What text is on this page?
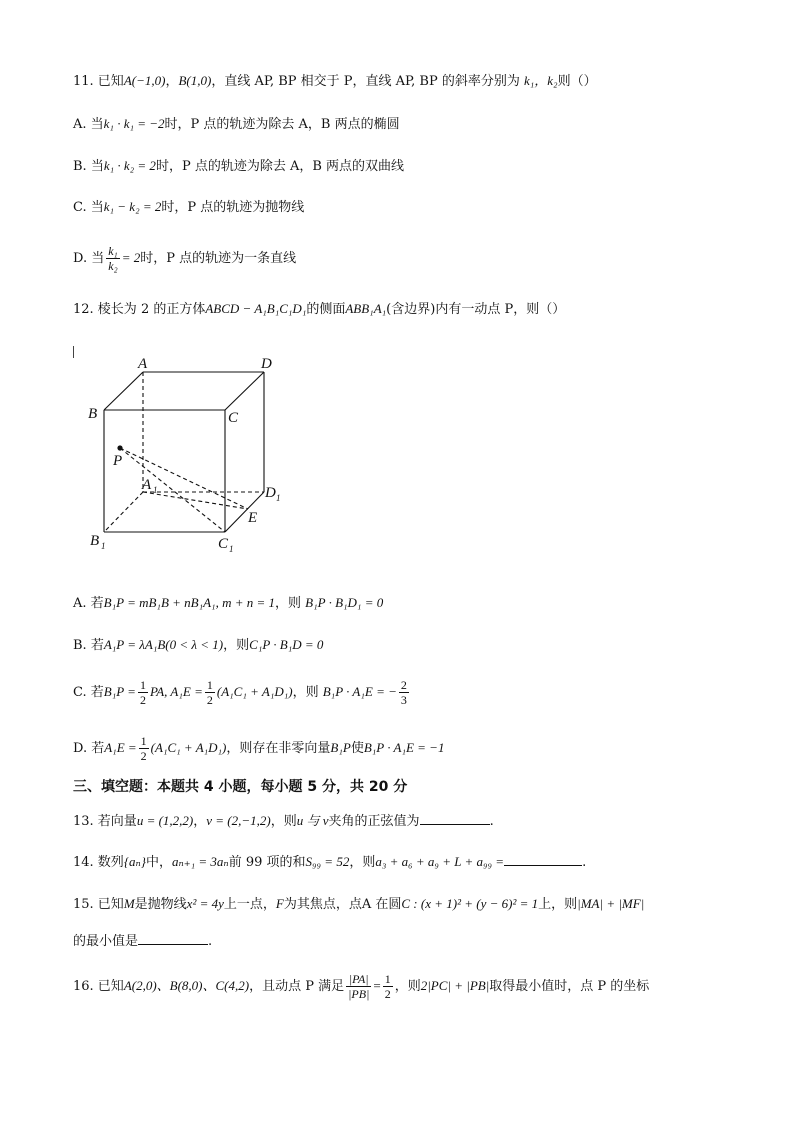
11. 已知A(−1,0)，B(1,0)，直线 AP, BP 相交于 P，直线 AP, BP 的斜率分别为 k₁，k₂则（）
A. 当k₁ · k₁ = −2时，P 点的轨迹为除去 A，B 两点的椭圆
B. 当k₁ · k₂ = 2时，P 点的轨迹为除去 A，B 两点的双曲线
C. 当k₁ − k₂ = 2时，P 点的轨迹为抛物线
D. 当 $\frac{\text{k₁}}{\text{k₂}} = 2$时，P 点的轨迹为一条直线
12. 棱长为 2 的正方体ABCD − A₁B₁C₁D₁的侧面ABB₁A₁(含边界)内有一动点 P，则（）
A	D
B	C
P
A 1	D 1
E
B 1	C 1
A. 若B₁P = mB₁B + nB₁A₁, m + n = 1，则 B₁P · B₁D₁ = 0
B. 若A₁P = λA₁B(0 < λ < 1)，则C₁P · B₁D = 0
C. 若$B_1P = \frac{1}{2}$ PA, $A_1E = \frac{1}{2} (A_1C_1 + A_1D_1)$，则 B₁P · A₁E = − $\frac{2}{3}$
D. 若$A_1E = \frac{1}{2} (A_1C_1 + A_1D_1)$，则存在非零向量B₁P使B₁P · A₁E = −1
三、填空题：本题共 4 小题，每小题 5 分，共 20 分
13. 若向量u = (1,2,2)，v = (2,−1,2)，则u 与 v夹角的正弦值为	.
14. 数列{aₙ}中，aₙ₊₁ = 3aₙ前 99 项的和S₉₉ = 52，则a₃ + a₆ + a₉ + L + a₉₉ =	.
15. 已知M是抛物线x² = 4y上一点，F为其焦点，点A 在圆C : (x + 1)² + (y − 6)² = 1上，则|MA| + |MF|
的最小值是	.
16. 已知A(2,0)、B(8,0)、C(4,2)，且动点 P 满足 $\frac{|PA|}{|PB|} = \frac{1}{2}$ ，则2|PC| + |PB|取得最小值时，点 P 的坐标
